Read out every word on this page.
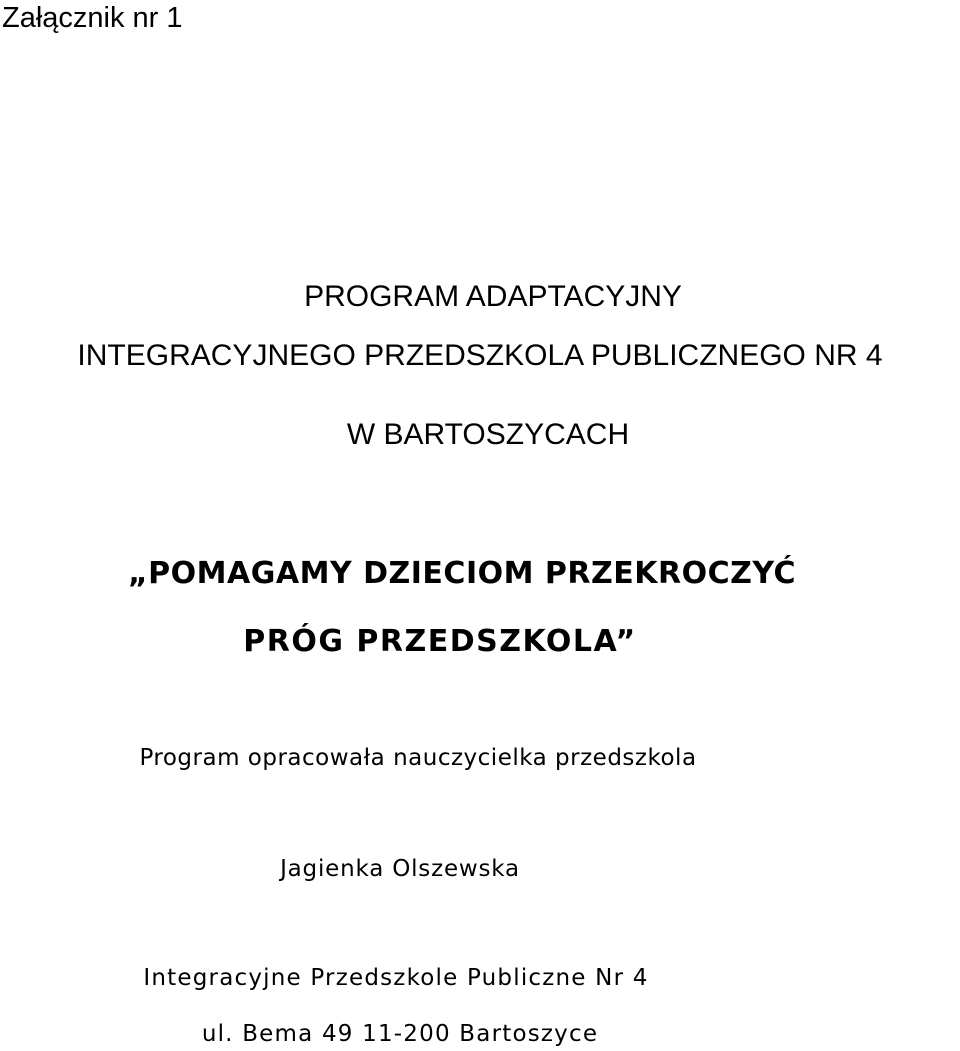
Załącznik nr 1
PROGRAM ADAPTACYJNY
INTEGRACYJNEGO PRZEDSZKOLA PUBLICZNEGO NR 4
W BARTOSZYCACH
„POMAGAMY DZIECIOM PRZEKROCZYĆ
PRÓG PRZEDSZKOLA”
Program opracowała nauczycielka przedszkola
Jagienka Olszewska
Integracyjne Przedszkole Publiczne Nr 4
ul. Bema 49 11-200 Bartoszyce
